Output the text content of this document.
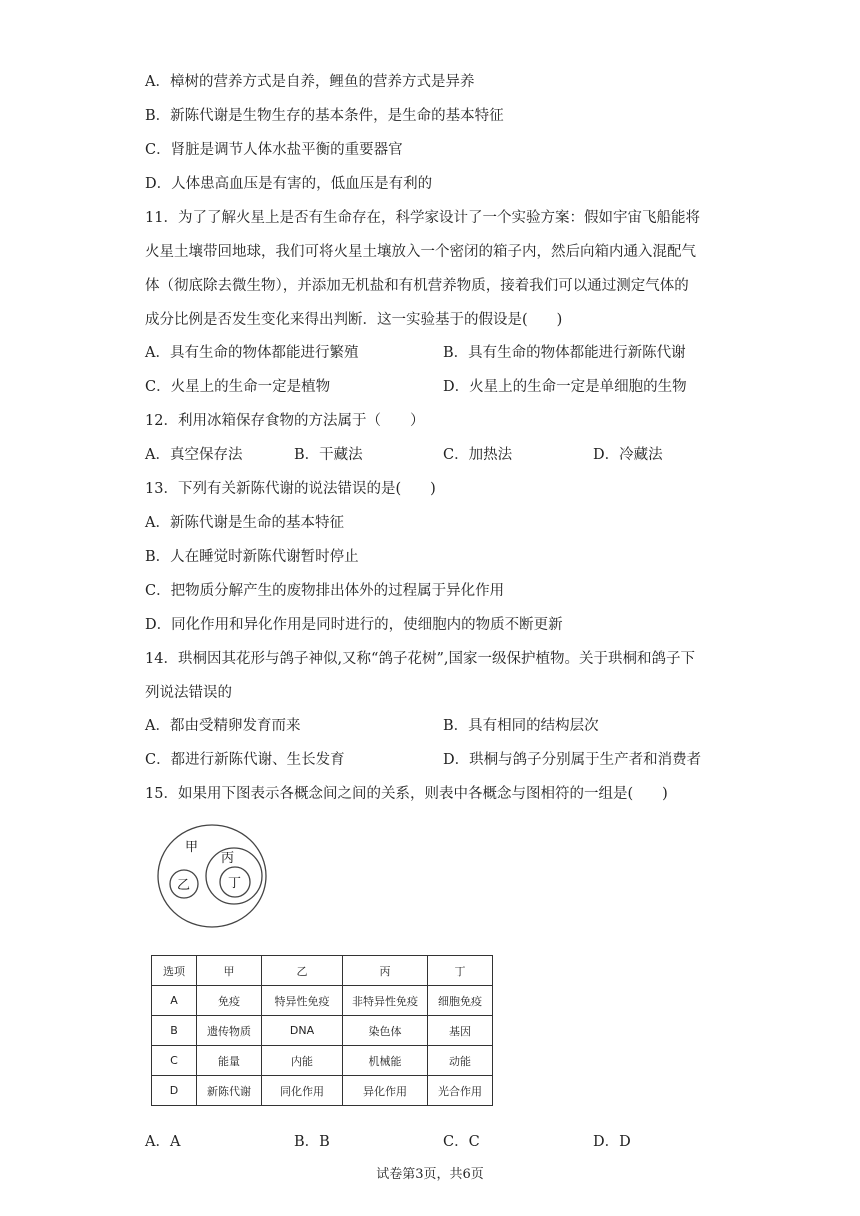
A．樟树的营养方式是自养，鲤鱼的营养方式是异养
B．新陈代谢是生物生存的基本条件，是生命的基本特征
C．肾脏是调节人体水盐平衡的重要器官
D．人体患高血压是有害的，低血压是有利的
11．为了了解火星上是否有生命存在，科学家设计了一个实验方案：假如宇宙飞船能将
火星土壤带回地球，我们可将火星土壤放入一个密闭的箱子内，然后向箱内通入混配气
体（彻底除去微生物），并添加无机盐和有机营养物质，接着我们可以通过测定气体的
成分比例是否发生变化来得出判断．这一实验基于的假设是(　　)
A．具有生命的物体都能进行繁殖	B．具有生命的物体都能进行新陈代谢
C．火星上的生命一定是植物	D．火星上的生命一定是单细胞的生物
12．利用冰箱保存食物的方法属于（　　）
A．真空保存法	B．干藏法	C．加热法	D．冷藏法
13．下列有关新陈代谢的说法错误的是(　　)
A．新陈代谢是生命的基本特征
B．人在睡觉时新陈代谢暂时停止
C．把物质分解产生的废物排出体外的过程属于异化作用
D．同化作用和异化作用是同时进行的，使细胞内的物质不断更新
14．珙桐因其花形与鸽子神似,又称“鸽子花树”,国家一级保护植物。关于珙桐和鸽子下
列说法错误的
A．都由受精卵发育而来	B．具有相同的结构层次
C．都进行新陈代谢、生长发育	D．珙桐与鸽子分别属于生产者和消费者
15．如果用下图表示各概念间之间的关系，则表中各概念与图相符的一组是(　　)
甲
乙
丙
丁
选项	甲	乙	丙	丁
A	免疫	特异性免疫	非特异性免疫	细胞免疫
B	遗传物质	DNA	染色体	基因
C	能量	内能	机械能	动能
D	新陈代谢	同化作用	异化作用	光合作用
A．A	B．B	C．C	D．D
试卷第3页，共6页
